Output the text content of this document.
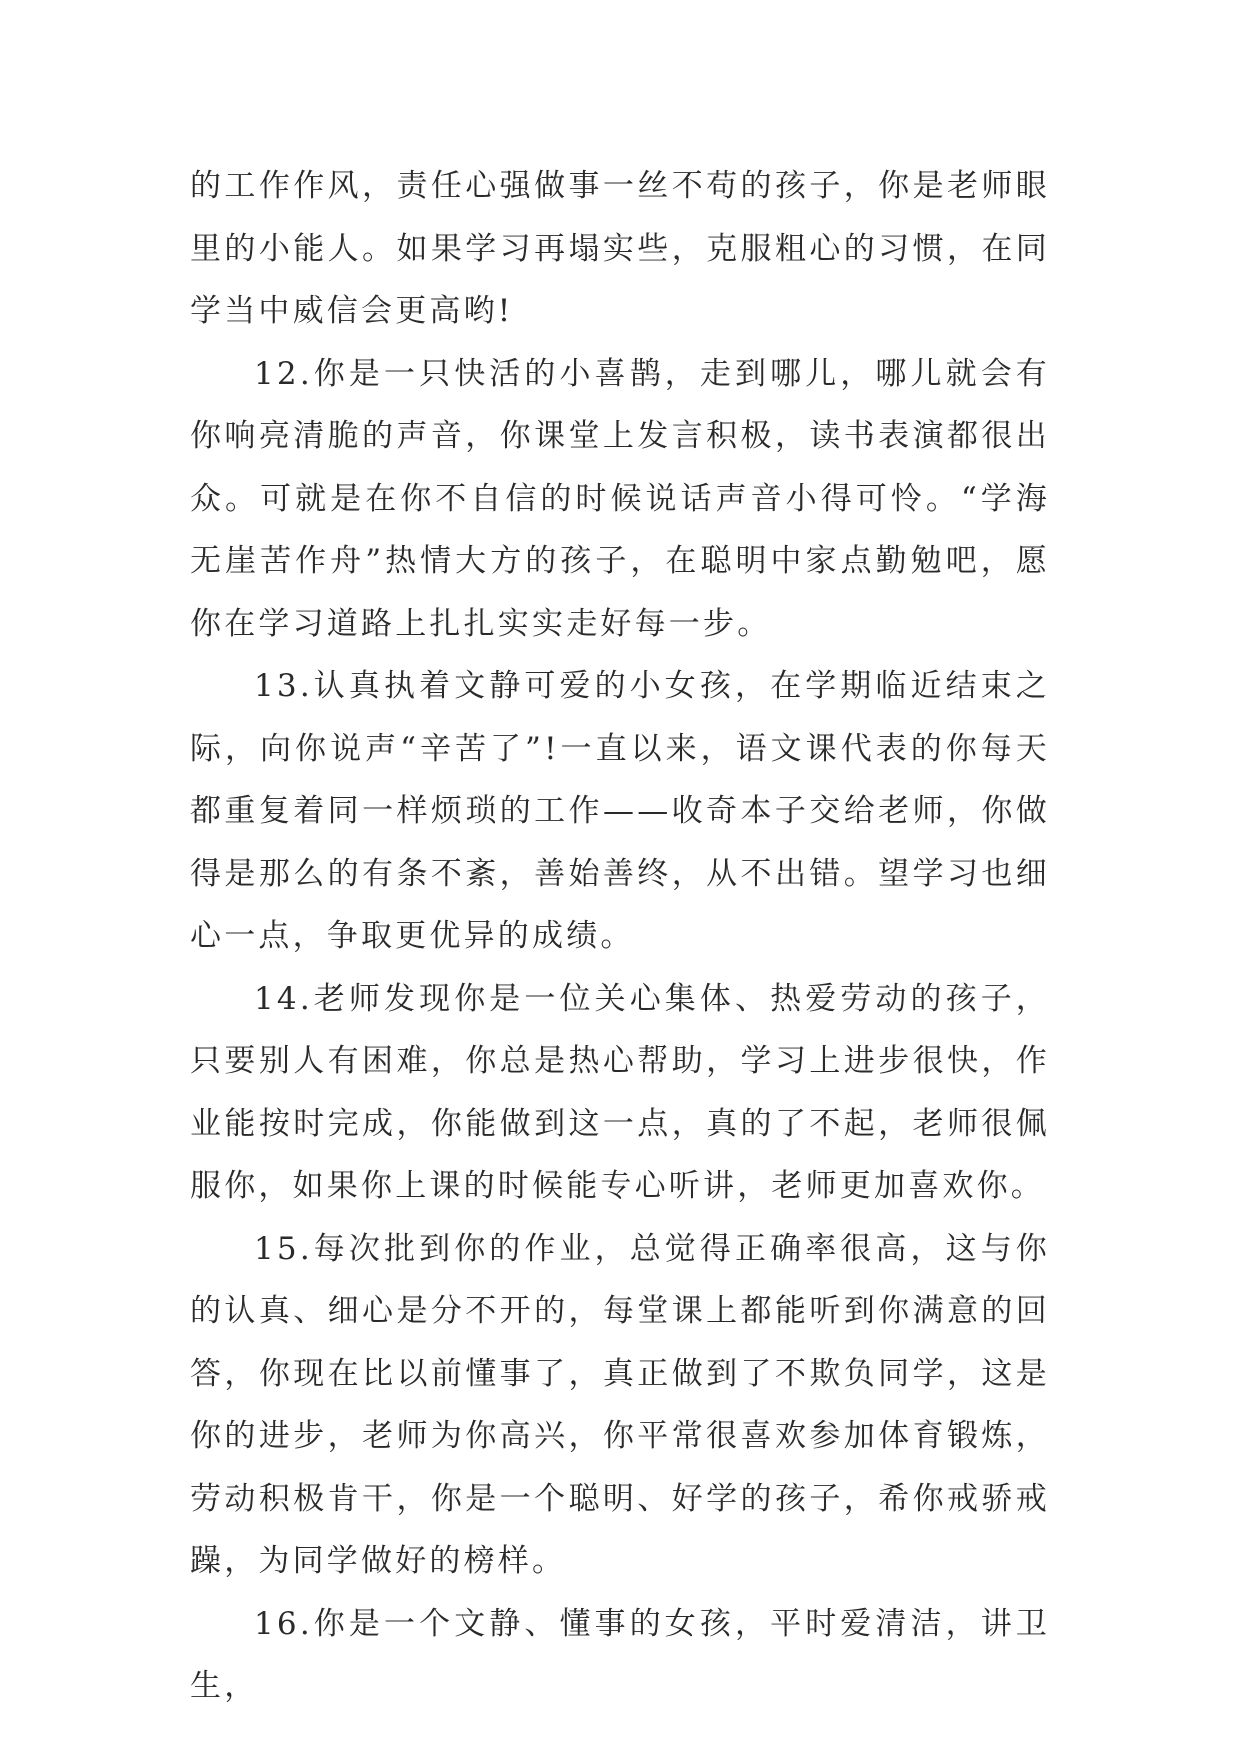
的工作作风，责任心强做事一丝不苟的孩子，你是老师眼里的小能人。如果学习再塌实些，克服粗心的习惯，在同学当中威信会更高哟!

12.你是一只快活的小喜鹊，走到哪儿，哪儿就会有你响亮清脆的声音，你课堂上发言积极，读书表演都很出众。可就是在你不自信的时候说话声音小得可怜。“学海无崖苦作舟”热情大方的孩子，在聪明中家点勤勉吧，愿你在学习道路上扎扎实实走好每一步。

13.认真执着文静可爱的小女孩，在学期临近结束之际，向你说声“辛苦了”!一直以来，语文课代表的你每天都重复着同一样烦琐的工作——收奇本子交给老师，你做得是那么的有条不紊，善始善终，从不出错。望学习也细心一点，争取更优异的成绩。

14.老师发现你是一位关心集体、热爱劳动的孩子，只要别人有困难，你总是热心帮助，学习上进步很快，作业能按时完成，你能做到这一点，真的了不起，老师很佩服你，如果你上课的时候能专心听讲，老师更加喜欢你。

15.每次批到你的作业，总觉得正确率很高，这与你的认真、细心是分不开的，每堂课上都能听到你满意的回答，你现在比以前懂事了，真正做到了不欺负同学，这是你的进步，老师为你高兴，你平常很喜欢参加体育锻炼，劳动积极肯干，你是一个聪明、好学的孩子，希你戒骄戒躁，为同学做好的榜样。

16.你是一个文静、懂事的女孩，平时爱清洁，讲卫生，
